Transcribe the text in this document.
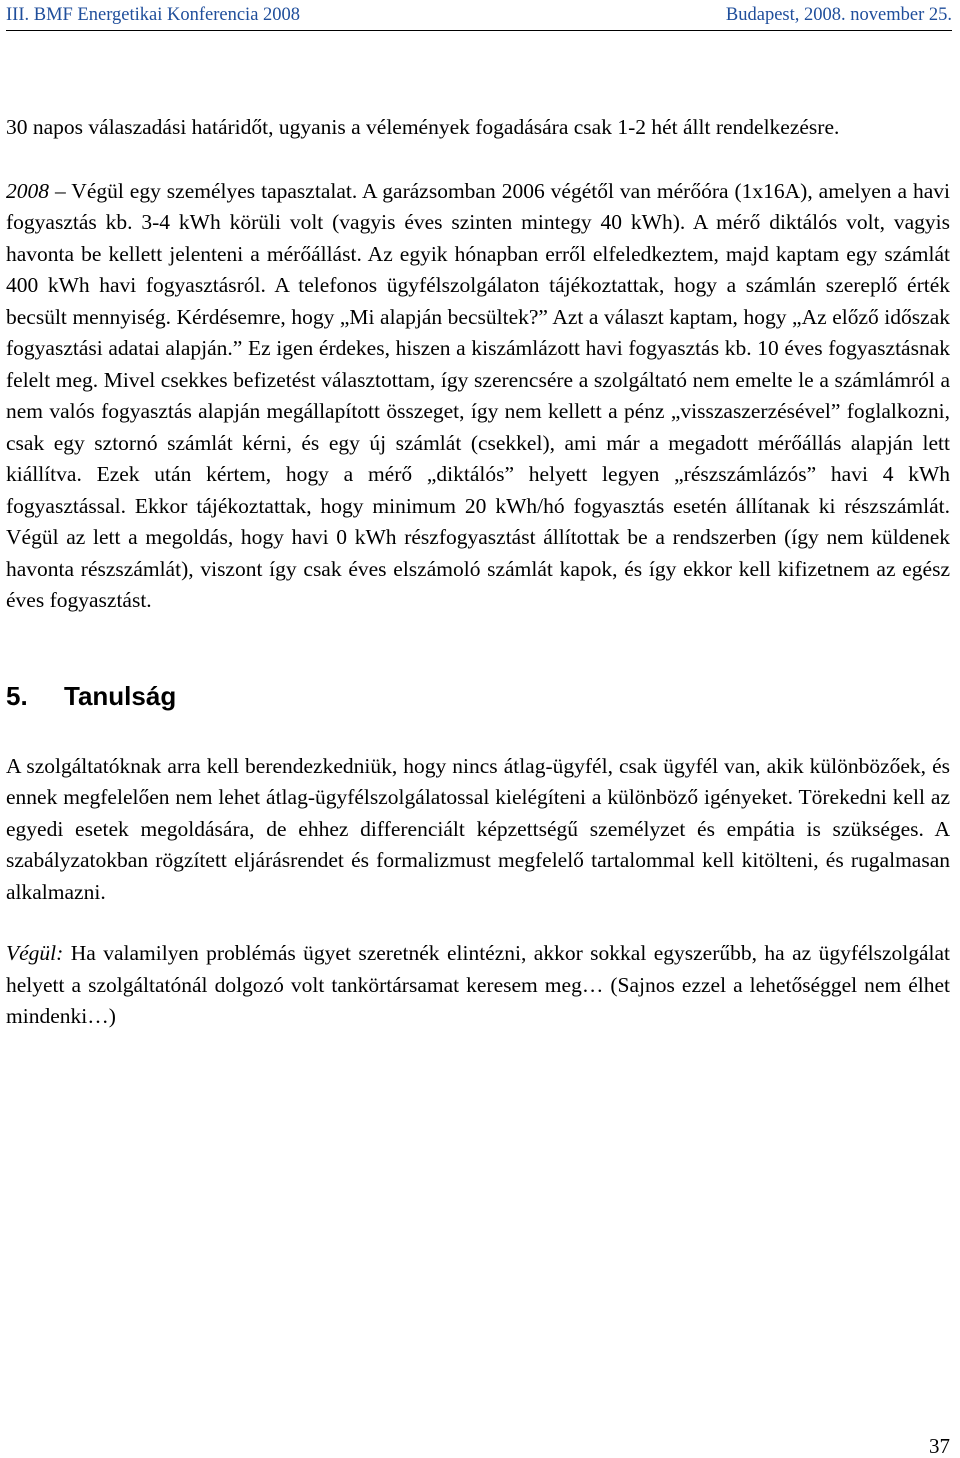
III. BMF Energetikai Konferencia 2008	Budapest, 2008. november 25.

30 napos válaszadási határidőt, ugyanis a vélemények fogadására csak 1-2 hét állt rendelkezésre.

2008 – Végül egy személyes tapasztalat. A garázsomban 2006 végétől van mérőóra (1x16A), amelyen a havi fogyasztás kb. 3-4 kWh körüli volt (vagyis éves szinten mintegy 40 kWh). A mérő diktálós volt, vagyis havonta be kellett jelenteni a mérőállást. Az egyik hónapban erről elfeledkeztem, majd kaptam egy számlát 400 kWh havi fogyasztásról. A telefonos ügyfélszolgálaton tájékoztattak, hogy a számlán szereplő érték becsült mennyiség. Kérdésemre, hogy „Mi alapján becsültek?” Azt a választ kaptam, hogy „Az előző időszak fogyasztási adatai alapján.” Ez igen érdekes, hiszen a kiszámlázott havi fogyasztás kb. 10 éves fogyasztásnak felelt meg. Mivel csekkes befizetést választottam, így szerencsére a szolgáltató nem emelte le a számlámról a nem valós fogyasztás alapján megállapított összeget, így nem kellett a pénz „visszaszerzésével” foglalkozni, csak egy sztornó számlát kérni, és egy új számlát (csekkel), ami már a megadott mérőállás alapján lett kiállítva. Ezek után kértem, hogy a mérő „diktálós” helyett legyen „részszámlázós” havi 4 kWh fogyasztással. Ekkor tájékoztattak, hogy minimum 20 kWh/hó fogyasztás esetén állítanak ki részszámlát. Végül az lett a megoldás, hogy havi 0 kWh részfogyasztást állítottak be a rendszerben (így nem küldenek havonta részszámlát), viszont így csak éves elszámoló számlát kapok, és így ekkor kell kifizetnem az egész éves fogyasztást.

5. Tanulság

A szolgáltatóknak arra kell berendezkedniük, hogy nincs átlag-ügyfél, csak ügyfél van, akik különbözőek, és ennek megfelelően nem lehet átlag-ügyfélszolgálatossal kielégíteni a különböző igényeket. Törekedni kell az egyedi esetek megoldására, de ehhez differenciált képzettségű személyzet és empátia is szükséges. A szabályzatokban rögzített eljárásrendet és formalizmust megfelelő tartalommal kell kitölteni, és rugalmasan alkalmazni.

Végül: Ha valamilyen problémás ügyet szeretnék elintézni, akkor sokkal egyszerűbb, ha az ügyfélszolgálat helyett a szolgáltatónál dolgozó volt tankörtársamat keresem meg… (Sajnos ezzel a lehetőséggel nem élhet mindenki…)

37
